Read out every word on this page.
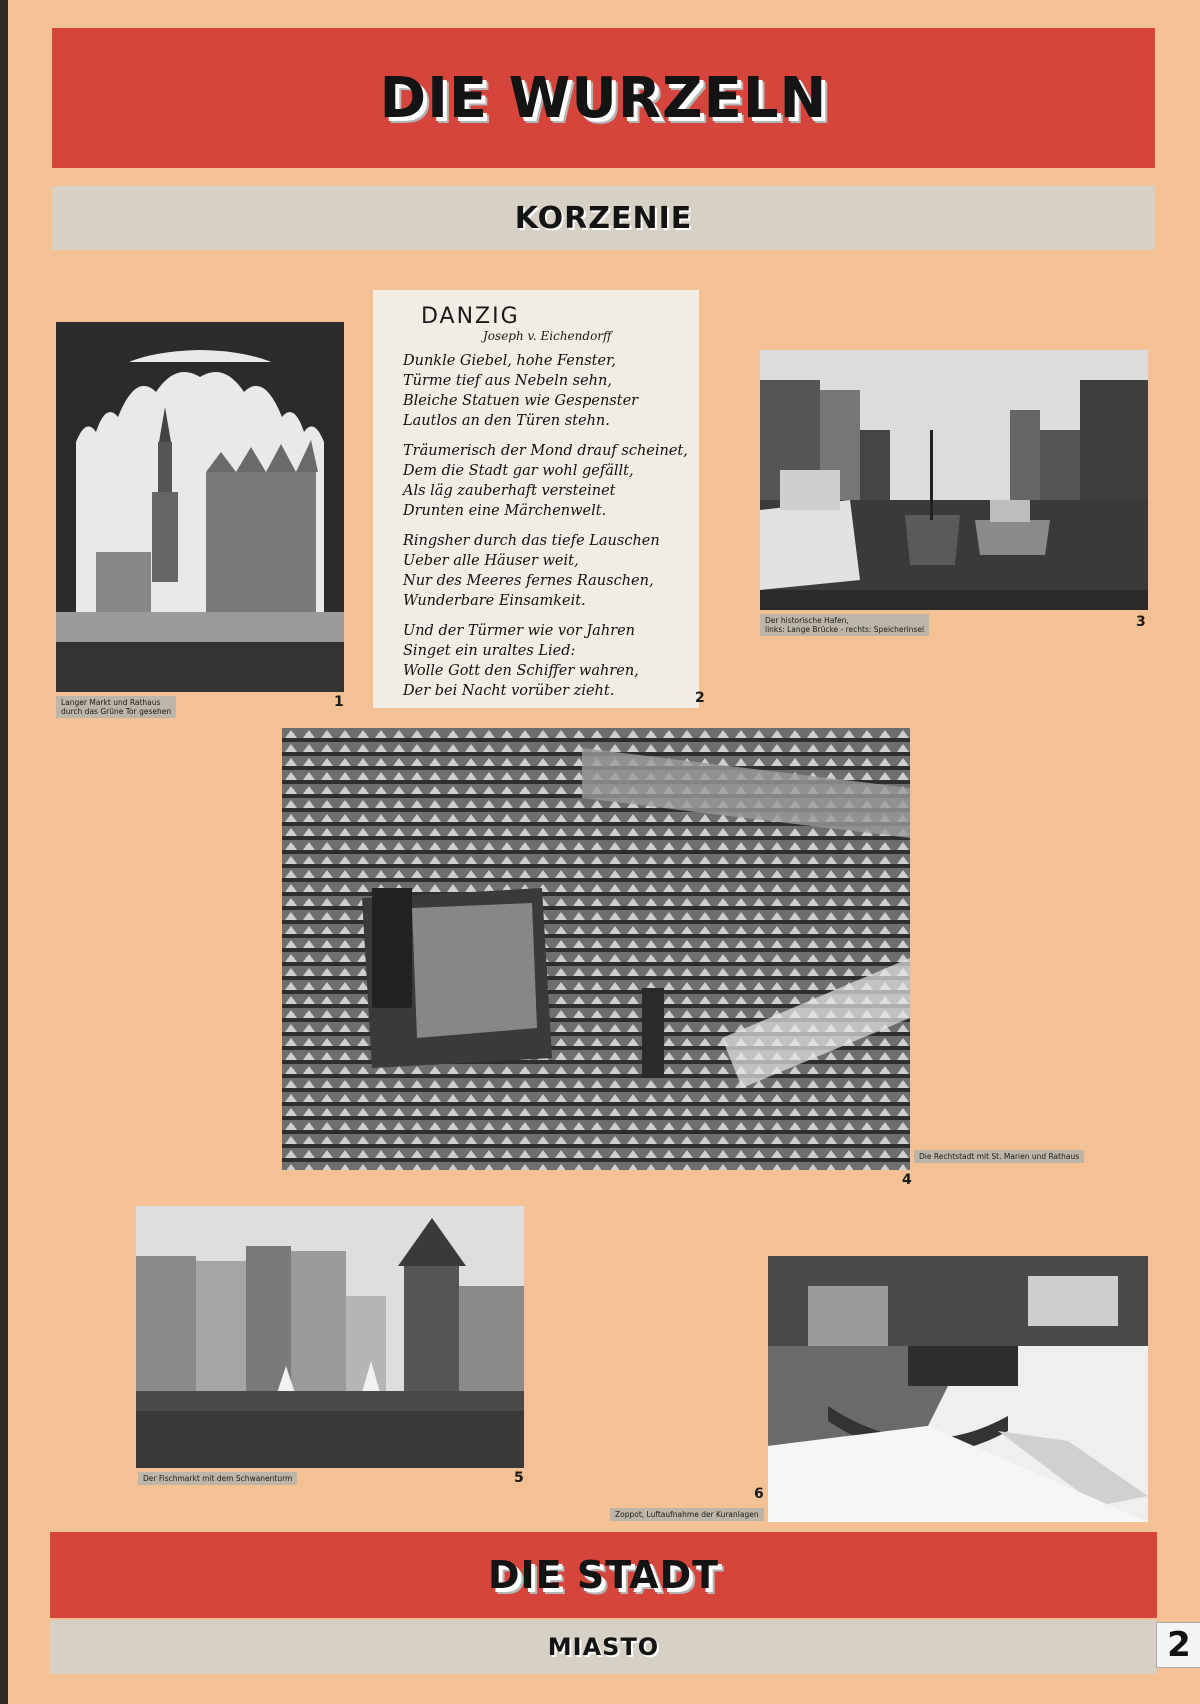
DIE WURZELN
KORZENIE
Langer Markt und Rathaus
durch das Grüne Tor gesehen
1
DANZIG
Joseph v. Eichendorff
Dunkle Giebel, hohe Fenster,
Türme tief aus Nebeln sehn,
Bleiche Statuen wie Gespenster
Lautlos an den Türen stehn.
Träumerisch der Mond drauf scheinet,
Dem die Stadt gar wohl gefällt,
Als läg zauberhaft versteinet
Drunten eine Märchenwelt.
Ringsher durch das tiefe Lauschen
Ueber alle Häuser weit,
Nur des Meeres fernes Rauschen,
Wunderbare Einsamkeit.
Und der Türmer wie vor Jahren
Singet ein uraltes Lied:
Wolle Gott den Schiffer wahren,
Der bei Nacht vorüber zieht.	2
Der historische Hafen,
links: Lange Brücke - rechts: Speicherinsel	3
Die Rechtstadt mit St. Marien und Rathaus
4
Der Fischmarkt mit dem Schwanenturm	5
Zoppot, Luftaufnahme der Kuranlagen
6
DIE STADT
MIASTO	2
